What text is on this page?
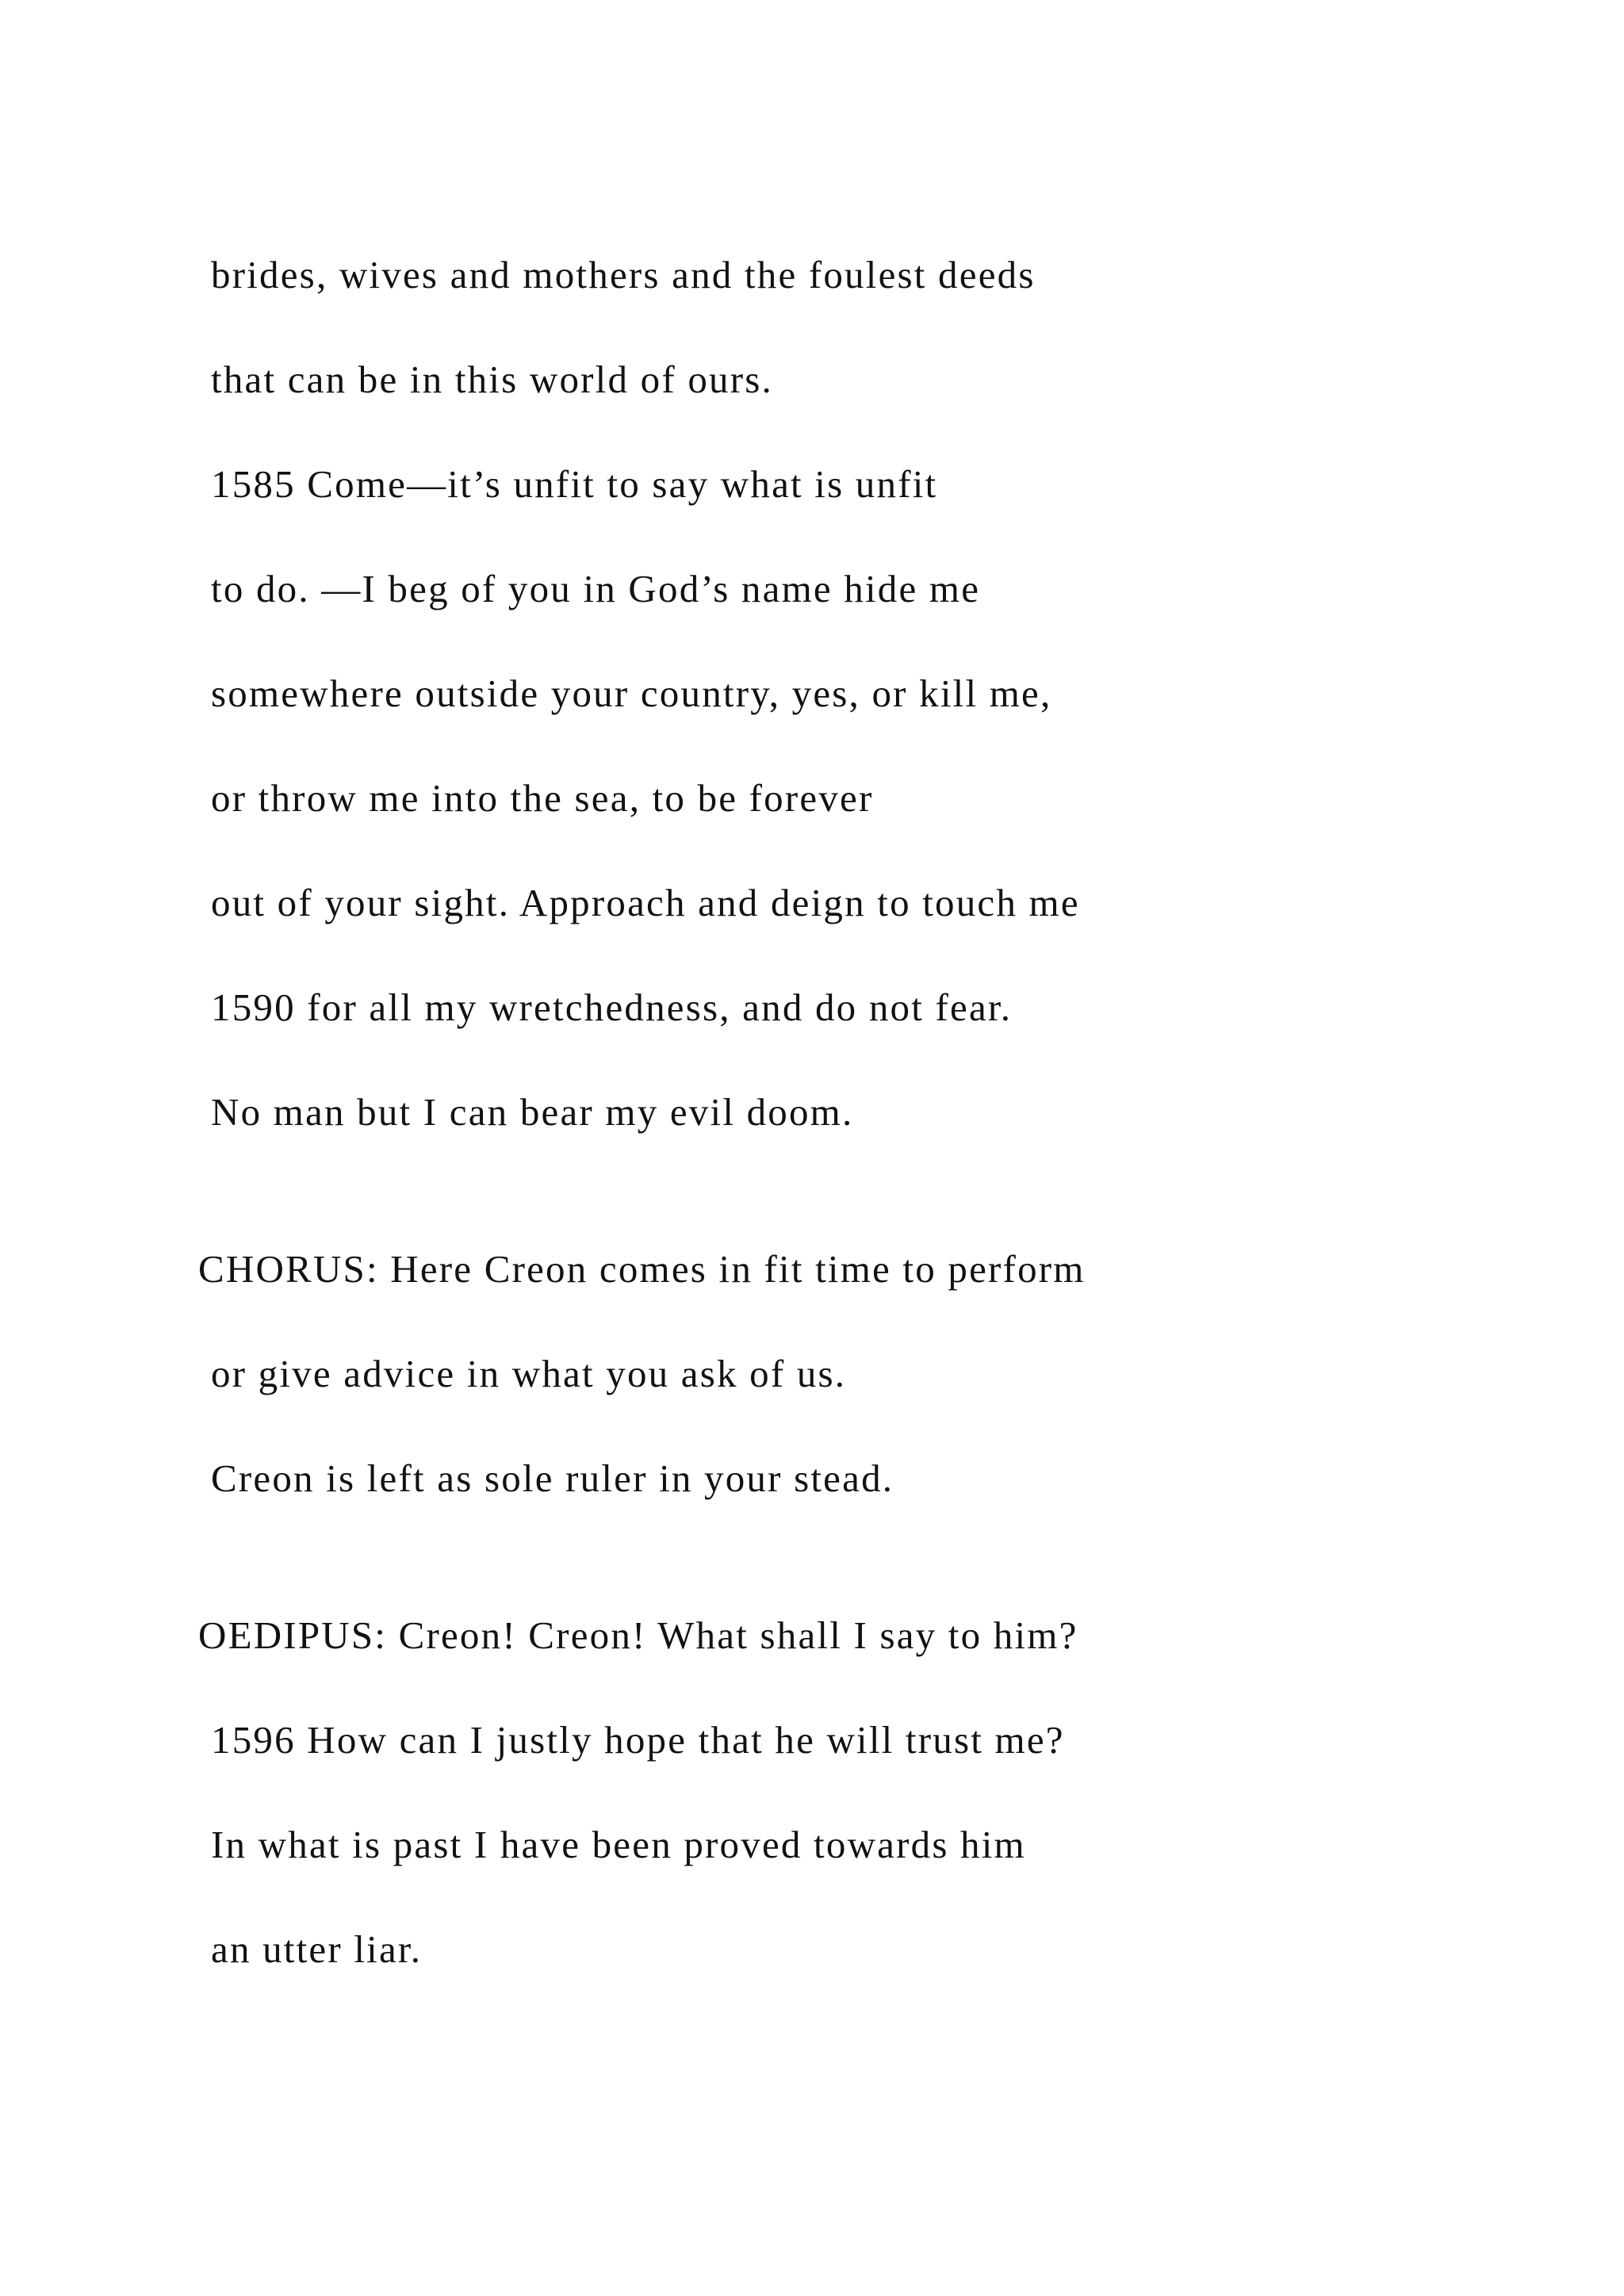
brides, wives and mothers and the foulest deeds
that can be in this world of ours.
1585 Come—it’s unfit to say what is unfit
to do. —I beg of you in God’s name hide me
somewhere outside your country, yes, or kill me,
or throw me into the sea, to be forever
out of your sight. Approach and deign to touch me
1590 for all my wretchedness, and do not fear.
No man but I can bear my evil doom.
CHORUS: Here Creon comes in fit time to perform
or give advice in what you ask of us.
Creon is left as sole ruler in your stead.
OEDIPUS: Creon! Creon! What shall I say to him?
1596 How can I justly hope that he will trust me?
In what is past I have been proved towards him
an utter liar.
